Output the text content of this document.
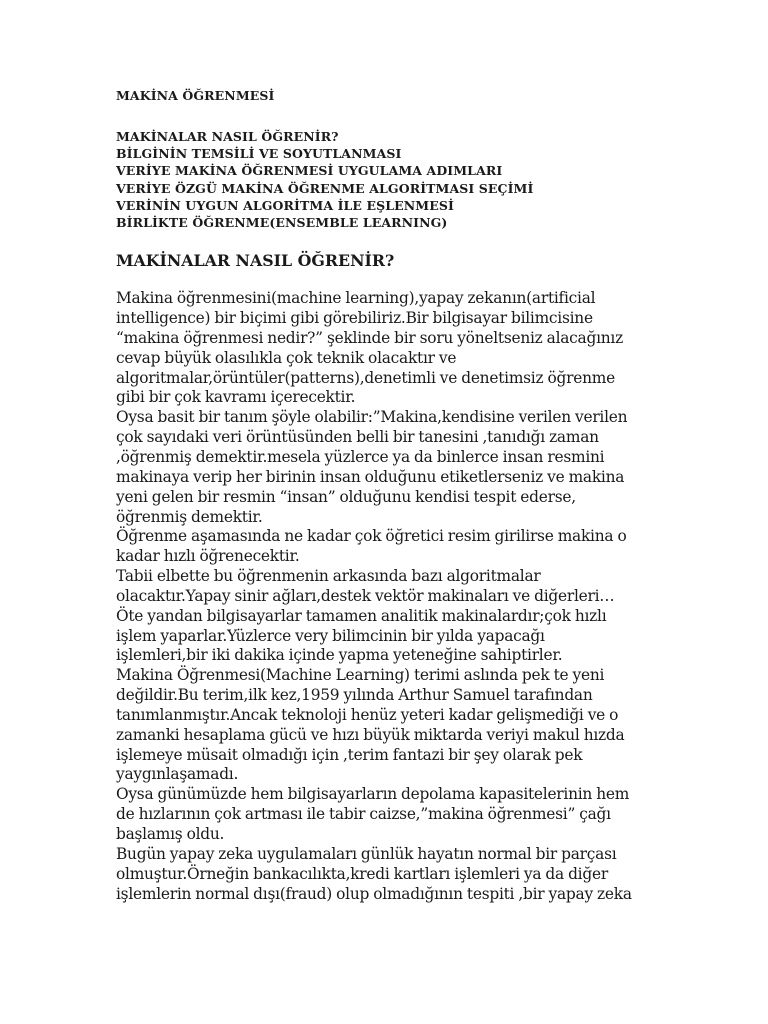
MAKİNA ÖĞRENMESİ
MAKİNALAR NASIL ÖĞRENİR?
BİLGİNİN TEMSİLİ VE SOYUTLANMASI
VERİYE MAKİNA ÖĞRENMESİ UYGULAMA ADIMLARI
VERİYE ÖZGÜ MAKİNA ÖĞRENME ALGORİTMASI SEÇİMİ
VERİNİN UYGUN ALGORİTMA İLE EŞLENMESİ
BİRLİKTE ÖĞRENME(ENSEMBLE LEARNING)
MAKİNALAR NASIL ÖĞRENİR?
Makina öğrenmesini(machine learning),yapay zekanın(artificial
intelligence) bir biçimi gibi görebiliriz.Bir bilgisayar bilimcisine
“makina öğrenmesi nedir?” şeklinde bir soru yöneltseniz alacağınız
cevap büyük olasılıkla çok teknik olacaktır ve
algoritmalar,örüntüler(patterns),denetimli ve denetimsiz öğrenme
gibi bir çok kavramı içerecektir.
Oysa basit bir tanım şöyle olabilir:”Makina,kendisine verilen verilen
çok sayıdaki veri örüntüsünden belli bir tanesini ,tanıdığı zaman
,öğrenmiş demektir.mesela yüzlerce ya da binlerce insan resmini
makinaya verip her birinin insan olduğunu etiketlerseniz ve makina
yeni gelen bir resmin “insan” olduğunu kendisi tespit ederse,
öğrenmiş demektir.
Öğrenme aşamasında ne kadar çok öğretici resim girilirse makina o
kadar hızlı öğrenecektir.
Tabii elbette bu öğrenmenin arkasında bazı algoritmalar
olacaktır.Yapay sinir ağları,destek vektör makinaları ve diğerleri…
Öte yandan bilgisayarlar tamamen analitik makinalardır;çok hızlı
işlem yaparlar.Yüzlerce very bilimcinin bir yılda yapacağı
işlemleri,bir iki dakika içinde yapma yeteneğine sahiptirler.
Makina Öğrenmesi(Machine Learning) terimi aslında pek te yeni
değildir.Bu terim,ilk kez,1959 yılında Arthur Samuel tarafından
tanımlanmıştır.Ancak teknoloji henüz yeteri kadar gelişmediği ve o
zamanki hesaplama gücü ve hızı büyük miktarda veriyi makul hızda
işlemeye müsait olmadığı için ,terim fantazi bir şey olarak pek
yaygınlaşamadı.
Oysa günümüzde hem bilgisayarların depolama kapasitelerinin hem
de hızlarının çok artması ile tabir caizse,”makina öğrenmesi” çağı
başlamış oldu.
Bugün yapay zeka uygulamaları günlük hayatın normal bir parçası
olmuştur.Örneğin bankacılıkta,kredi kartları işlemleri ya da diğer
işlemlerin normal dışı(fraud) olup olmadığının tespiti ,bir yapay zeka
